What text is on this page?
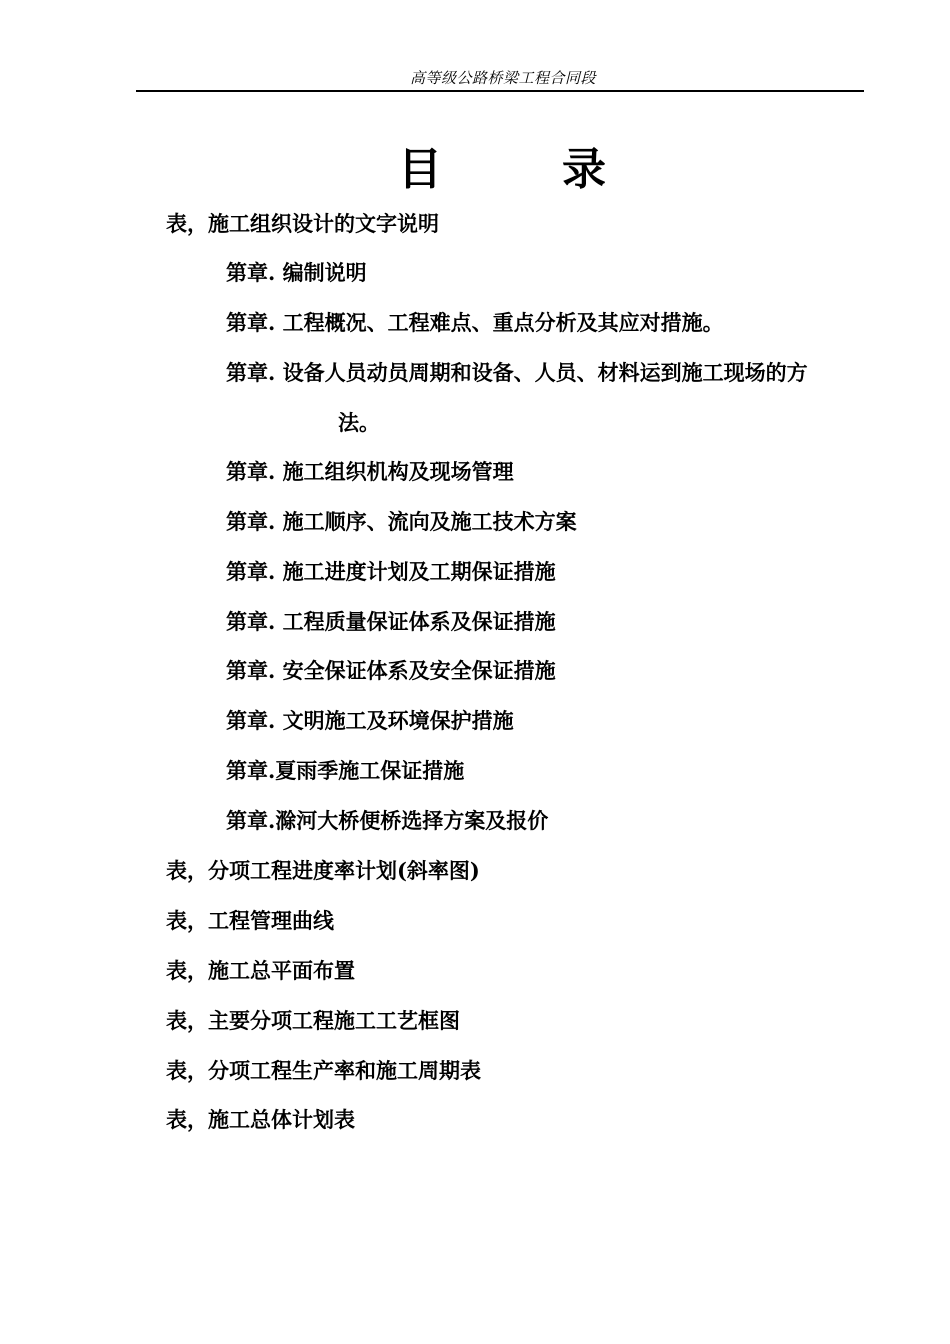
高等级公路桥梁工程合同段
目	录
表，施工组织设计的文字说明
第章. 编制说明
第章. 工程概况、工程难点、重点分析及其应对措施。
第章. 设备人员动员周期和设备、人员、材料运到施工现场的方
法。
第章. 施工组织机构及现场管理
第章. 施工顺序、流向及施工技术方案
第章. 施工进度计划及工期保证措施
第章. 工程质量保证体系及保证措施
第章. 安全保证体系及安全保证措施
第章. 文明施工及环境保护措施
第章.夏雨季施工保证措施
第章.滁河大桥便桥选择方案及报价
表，分项工程进度率计划(斜率图)
表，工程管理曲线
表，施工总平面布置
表，主要分项工程施工工艺框图
表，分项工程生产率和施工周期表
表，施工总体计划表
